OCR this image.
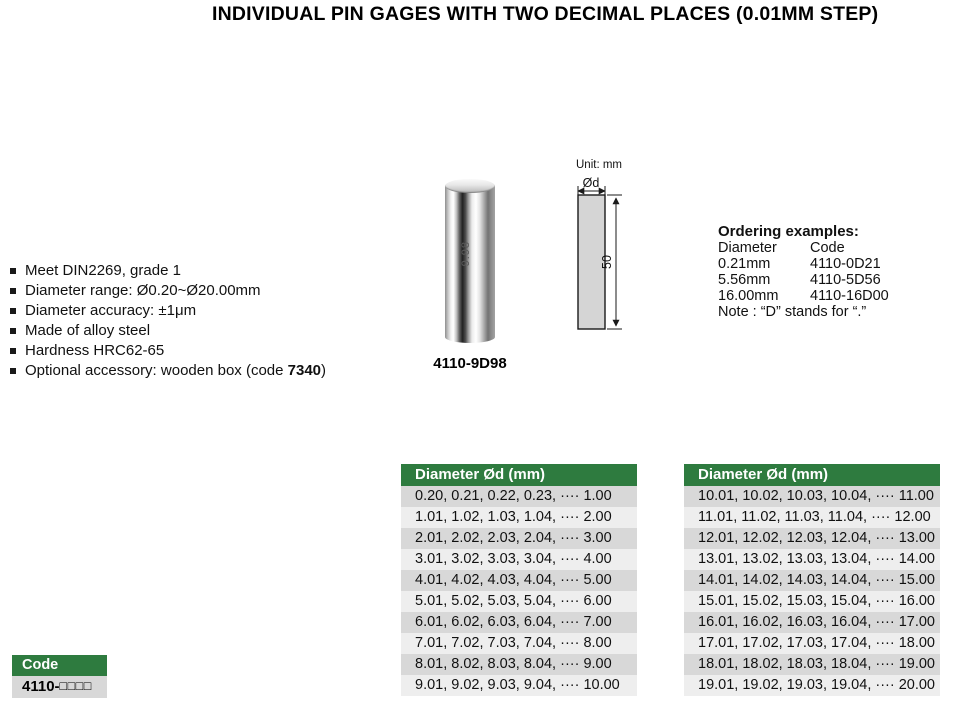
INDIVIDUAL PIN GAGES WITH TWO DECIMAL PLACES (0.01MM STEP)
Meet DIN2269, grade 1
Diameter range: Ø0.20~Ø20.00mm
Diameter accuracy: ±1μm
Made of alloy steel
Hardness HRC62-65
Optional accessory: wooden box (code 7340)
9.98
4110-9D98
Unit: mm
Ød
50
Ordering examples:
Diameter Code
0.21mm	4110-0D21
5.56mm	4110-5D56
16.00mm 4110-16D00
Note : “D” stands for “.”
Diameter Ød (mm)
0.20, 0.21, 0.22, 0.23, ···· 1.00
1.01, 1.02, 1.03, 1.04, ···· 2.00
2.01, 2.02, 2.03, 2.04, ···· 3.00
3.01, 3.02, 3.03, 3.04, ···· 4.00
4.01, 4.02, 4.03, 4.04, ···· 5.00
5.01, 5.02, 5.03, 5.04, ···· 6.00
6.01, 6.02, 6.03, 6.04, ···· 7.00
7.01, 7.02, 7.03, 7.04, ···· 8.00
8.01, 8.02, 8.03, 8.04, ···· 9.00
9.01, 9.02, 9.03, 9.04, ···· 10.00
Diameter Ød (mm)
10.01, 10.02, 10.03, 10.04, ···· 11.00
11.01, 11.02, 11.03, 11.04, ···· 12.00
12.01, 12.02, 12.03, 12.04, ···· 13.00
13.01, 13.02, 13.03, 13.04, ···· 14.00
14.01, 14.02, 14.03, 14.04, ···· 15.00
15.01, 15.02, 15.03, 15.04, ···· 16.00
16.01, 16.02, 16.03, 16.04, ···· 17.00
17.01, 17.02, 17.03, 17.04, ···· 18.00
18.01, 18.02, 18.03, 18.04, ···· 19.00
19.01, 19.02, 19.03, 19.04, ···· 20.00
Code
4110-□□□□
